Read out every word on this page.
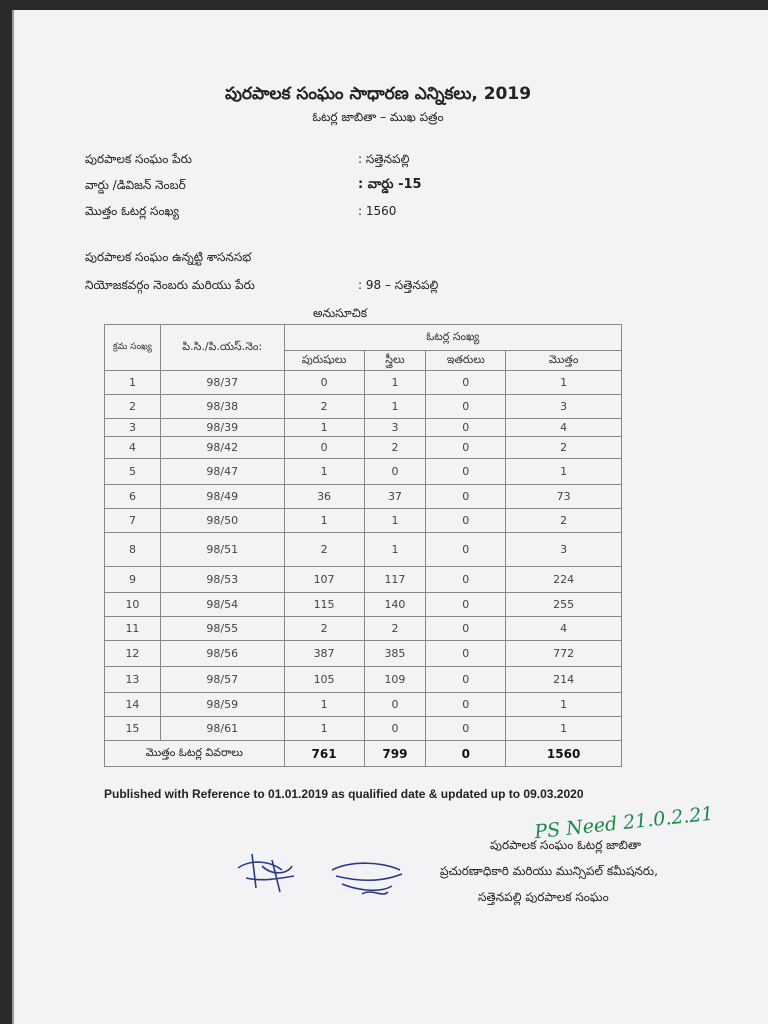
పురపాలక సంఘం సాధారణ ఎన్నికలు, 2019
ఓటర్ల జాబితా – ముఖ పత్రం
పురపాలక సంఘం పేరు	: సత్తెనపల్లి
వార్డు /డివిజన్ నెంబర్	: వార్డు -15
మొత్తం ఓటర్ల సంఖ్య	: 1560
పురపాలక సంఘం ఉన్నట్టి శాసనసభ
నియోజకవర్గం నెంబరు మరియు పేరు	: 98 – సత్తెనపల్లి
అనుసూచిక
క్రమ సంఖ్య	పి.సి./పి.యస్.నెం:	ఓటర్ల సంఖ్య			
		పురుషులు	స్త్రీలు	ఇతరులు	మొత్తం
1	98/37	0	1	0	1
2	98/38	2	1	0	3
3	98/39	1	3	0	4
4	98/42	0	2	0	2
5	98/47	1	0	0	1
6	98/49	36	37	0	73
7	98/50	1	1	0	2
8	98/51	2	1	0	3
9	98/53	107	117	0	224
10	98/54	115	140	0	255
11	98/55	2	2	0	4
12	98/56	387	385	0	772
13	98/57	105	109	0	214
14	98/59	1	0	0	1
15	98/61	1	0	0	1
మొత్తం ఓటర్ల వివరాలు		761	799	0	1560
Published with Reference to 01.01.2019 as qualified date & updated up to 09.03.2020
PS Need 21.0.2.21
పురపాలక సంఘం ఓటర్ల జాబితా
ప్రచురణాధికారి మరియు మున్సిపల్ కమీషనరు,
సత్తెనపల్లి పురపాలక సంఘం
